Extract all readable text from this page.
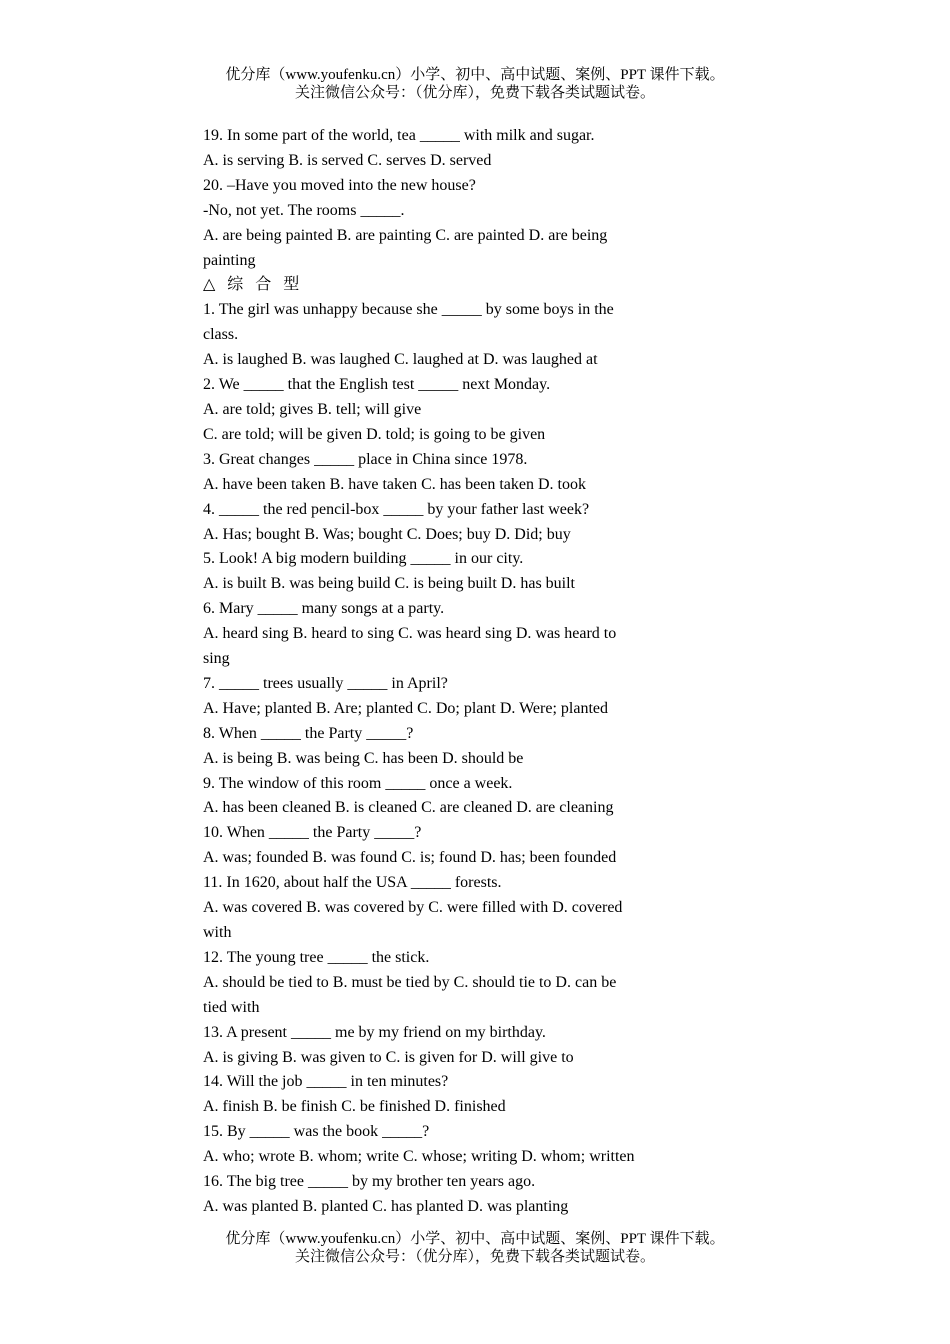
优分库（www.youfenku.cn）小学、初中、高中试题、案例、PPT 课件下载。
关注微信公众号：（优分库），免费下载各类试题试卷。
19. In some part of the world, tea _____ with milk and sugar.
A. is serving B. is served C. serves D. served
20. –Have you moved into the new house?
-No, not yet. The rooms _____.
A. are being painted B. are painting C. are painted D. are being
painting
△ 综 合 型
1. The girl was unhappy because she _____ by some boys in the
class.
A. is laughed B. was laughed C. laughed at D. was laughed at
2. We _____ that the English test _____ next Monday.
A. are told; gives B. tell; will give
C. are told; will be given D. told; is going to be given
3. Great changes _____ place in China since 1978.
A. have been taken B. have taken C. has been taken D. took
4. _____ the red pencil-box _____ by your father last week?
A. Has; bought B. Was; bought C. Does; buy D. Did; buy
5. Look! A big modern building _____ in our city.
A. is built B. was being build C. is being built D. has built
6. Mary _____ many songs at a party.
A. heard sing B. heard to sing C. was heard sing D. was heard to
sing
7. _____ trees usually _____ in April?
A. Have; planted B. Are; planted C. Do; plant D. Were; planted
8. When _____ the Party _____?
A. is being B. was being C. has been D. should be
9. The window of this room _____ once a week.
A. has been cleaned B. is cleaned C. are cleaned D. are cleaning
10. When _____ the Party _____?
A. was; founded B. was found C. is; found D. has; been founded
11. In 1620, about half the USA _____ forests.
A. was covered B. was covered by C. were filled with D. covered
with
12. The young tree _____ the stick.
A. should be tied to B. must be tied by C. should tie to D. can be
tied with
13. A present _____ me by my friend on my birthday.
A. is giving B. was given to C. is given for D. will give to
14. Will the job _____ in ten minutes?
A. finish B. be finish C. be finished D. finished
15. By _____ was the book _____?
A. who; wrote B. whom; write C. whose; writing D. whom; written
16. The big tree _____ by my brother ten years ago.
A. was planted B. planted C. has planted D. was planting
优分库（www.youfenku.cn）小学、初中、高中试题、案例、PPT 课件下载。
关注微信公众号：（优分库），免费下载各类试题试卷。
